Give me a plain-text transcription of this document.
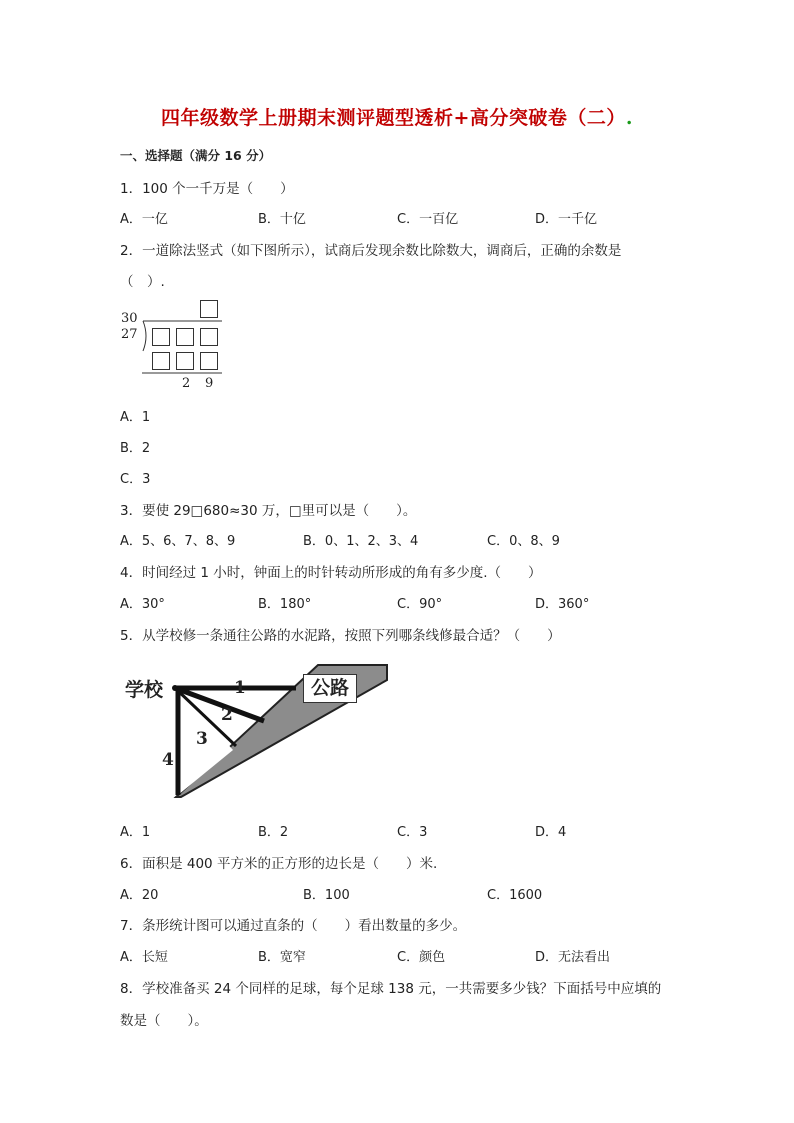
四年级数学上册期末测评题型透析+高分突破卷（二）.
一、选择题（满分 16 分）
1．100 个一千万是（　　）
A．一亿	B．十亿	C．一百亿	D．一千亿
2．一道除法竖式（如下图所示），试商后发现余数比除数大，调商后，正确的余数是
（　）.
30
27
2 9
A．1
B．2
C．3
3．要使 29□680≈30 万，□里可以是（　　）。
A．5、6、7、8、9	B．0、1、2、3、4	C．0、8、9
4．时间经过 1 小时，钟面上的时针转动所形成的角有多少度.（　　）
A．30°	B．180°	C．90°	D．360°
5．从学校修一条通往公路的水泥路，按照下列哪条线修最合适？（　　）
学校	公路
1
2
3
4
A．1	B．2	C．3	D．4
6．面积是 400 平方米的正方形的边长是（　　）米.
A．20	B．100	C．1600
7．条形统计图可以通过直条的（　　）看出数量的多少。
A．长短	B．宽窄	C．颜色	D．无法看出
8．学校准备买 24 个同样的足球，每个足球 138 元，一共需要多少钱？下面括号中应填的
数是（　　）。
